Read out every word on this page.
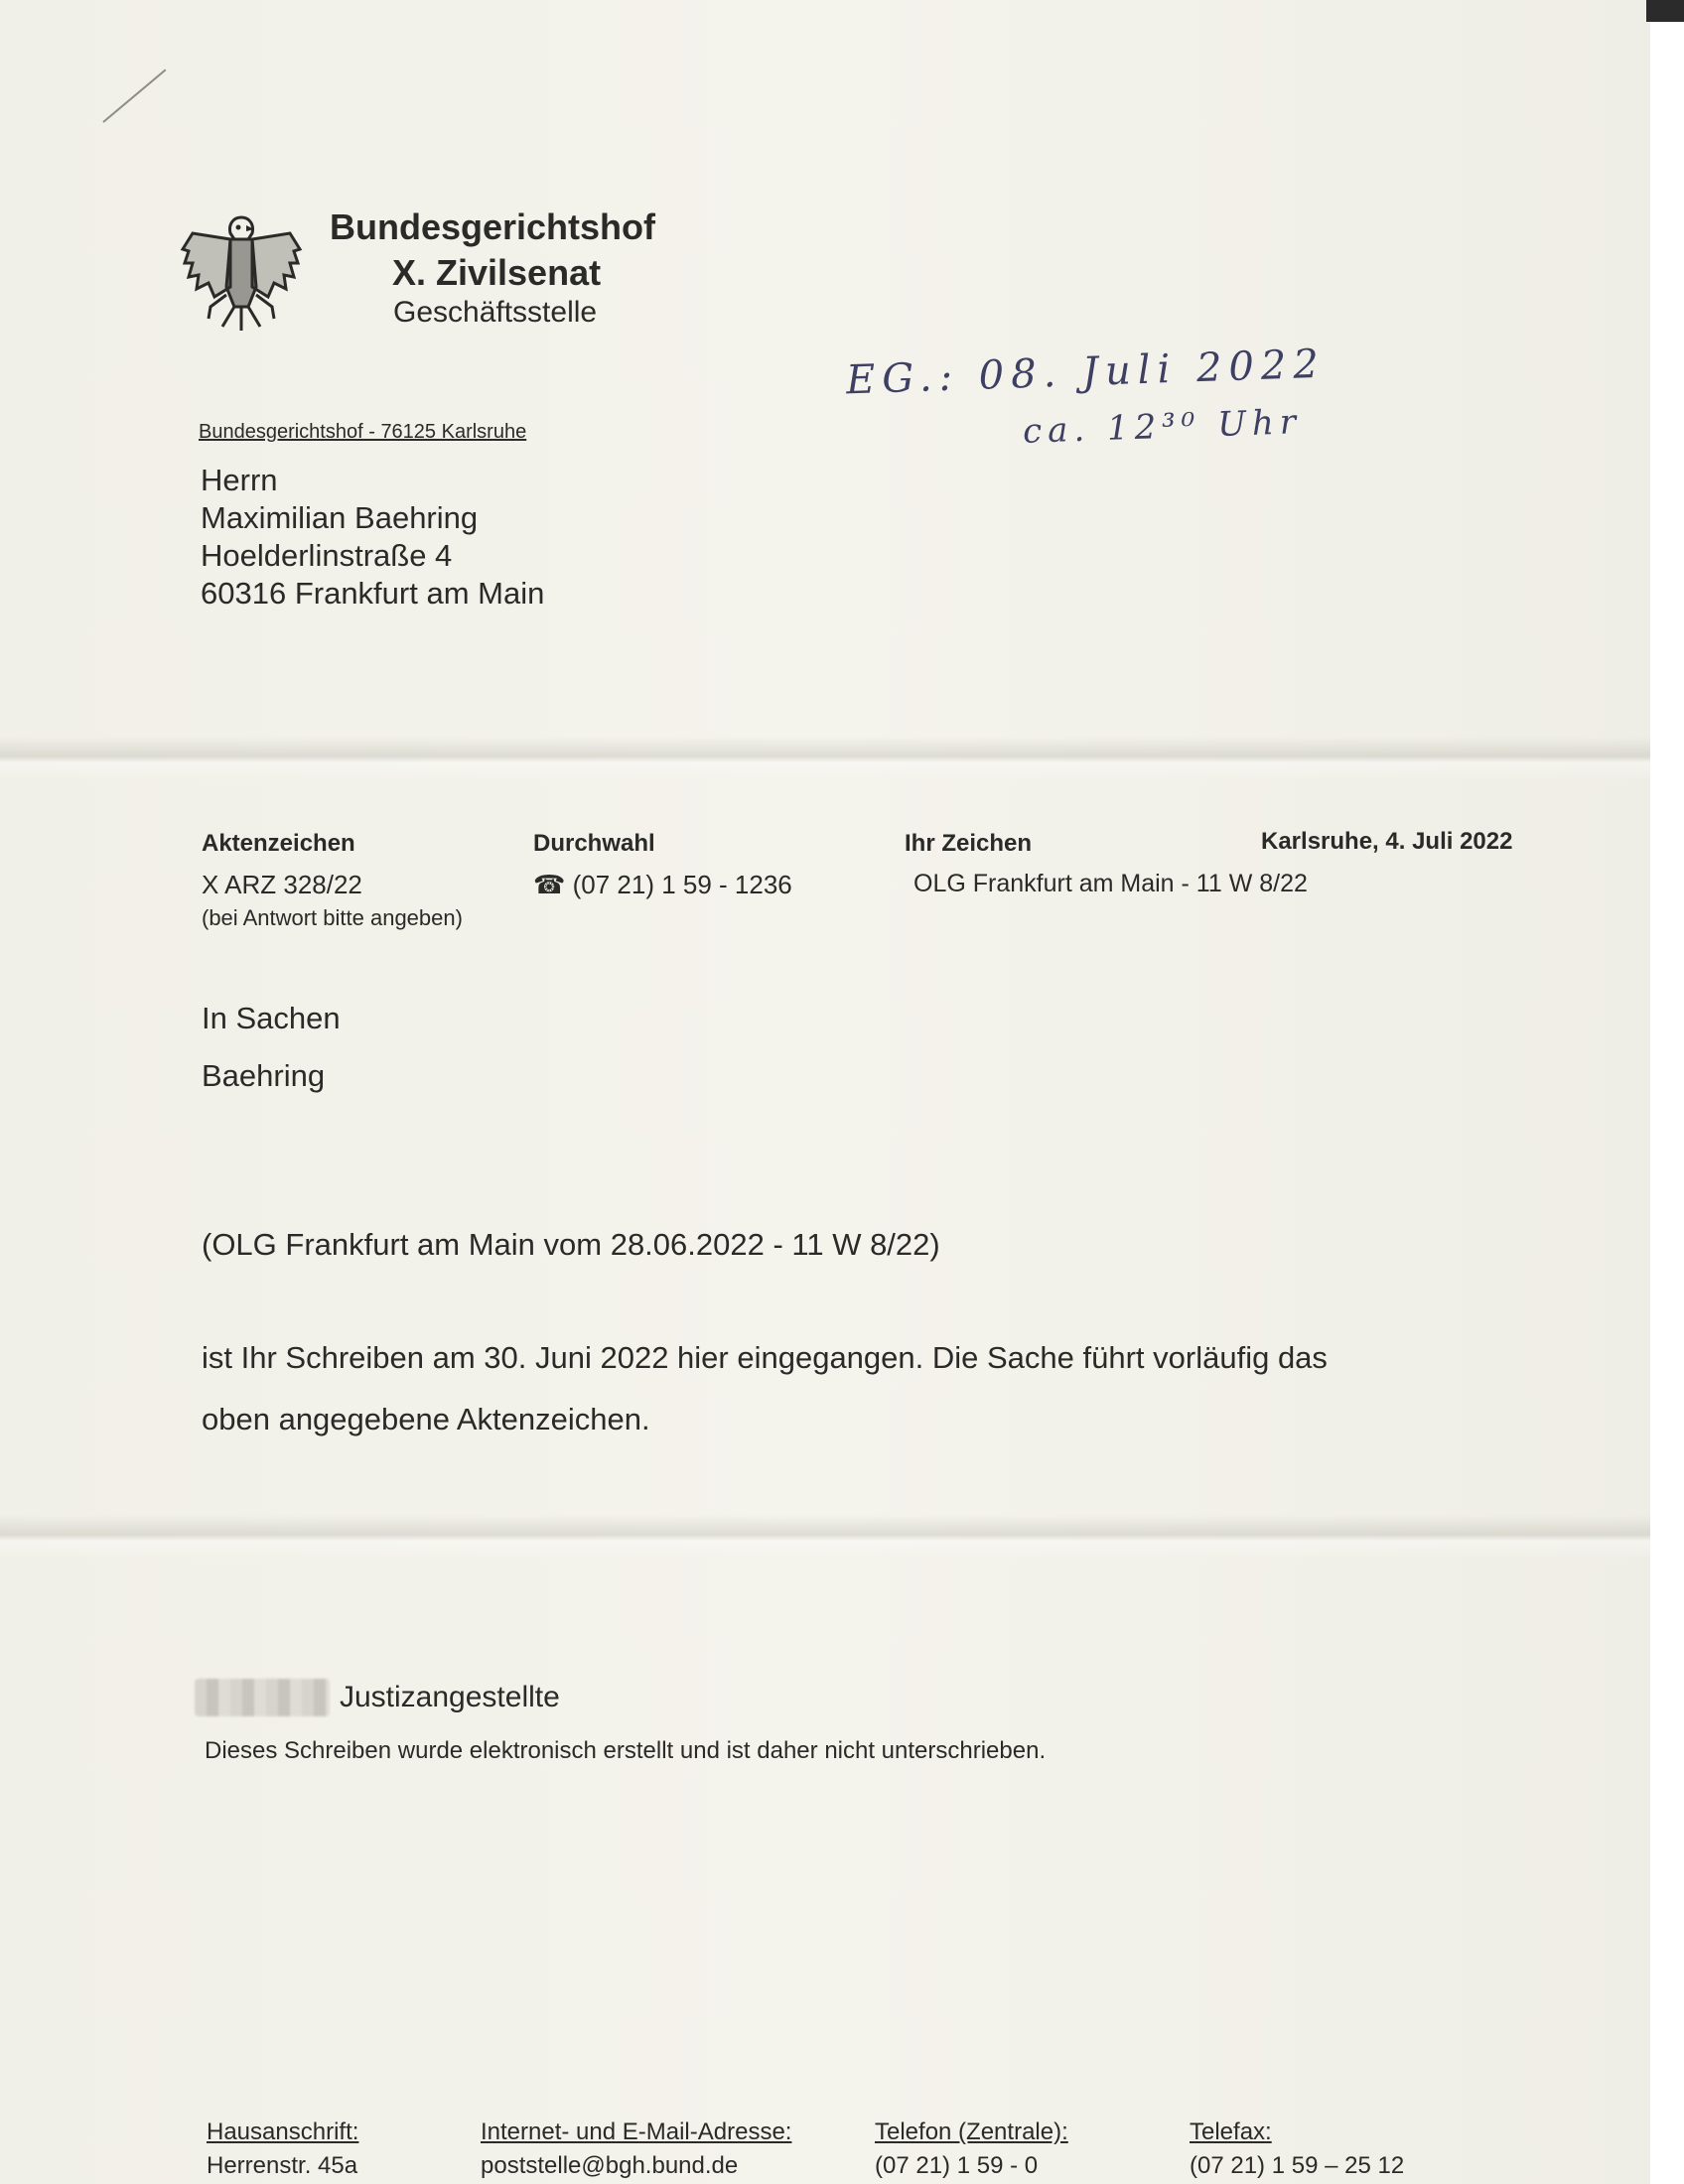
Bundesgerichtshof
X. Zivilsenat
Geschäftsstelle
EG.: 08. Juli 2022
ca. 12³⁰ Uhr
Bundesgerichtshof - 76125 Karlsruhe
Herrn
Maximilian Baehring
Hoelderlinstraße 4
60316 Frankfurt am Main
Aktenzeichen
X ARZ 328/22
(bei Antwort bitte angeben)
Durchwahl
☎ (07 21) 1 59 - 1236
Ihr Zeichen
OLG Frankfurt am Main - 11 W 8/22
Karlsruhe, 4. Juli 2022
In Sachen
Baehring
(OLG Frankfurt am Main vom 28.06.2022 - 11 W 8/22)
ist Ihr Schreiben am 30. Juni 2022 hier eingegangen. Die Sache führt vorläufig das
oben angegebene Aktenzeichen.
Justizangestellte
Dieses Schreiben wurde elektronisch erstellt und ist daher nicht unterschrieben.
Hausanschrift:
Herrenstr. 45a
Internet- und E-Mail-Adresse:
poststelle@bgh.bund.de
Telefon (Zentrale):
(07 21) 1 59 - 0
Telefax:
(07 21) 1 59 – 25 12
